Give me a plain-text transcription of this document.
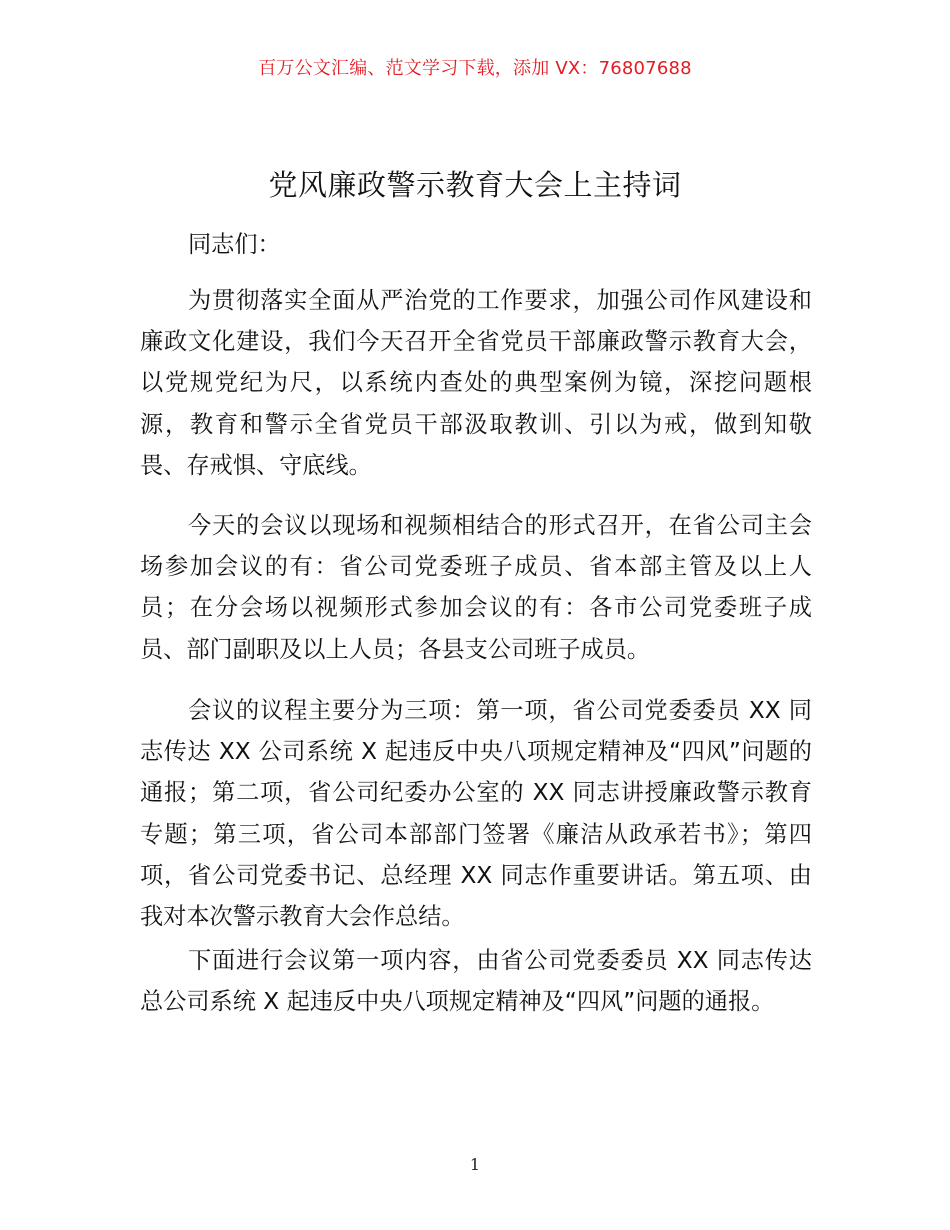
百万公文汇编、范文学习下载，添加 VX：76807688
党风廉政警示教育大会上主持词
同志们：
为贯彻落实全面从严治党的工作要求，加强公司作风建设和廉政文化建设，我们今天召开全省党员干部廉政警示教育大会，以党规党纪为尺，以系统内查处的典型案例为镜，深挖问题根源，教育和警示全省党员干部汲取教训、引以为戒，做到知敬畏、存戒惧、守底线。
今天的会议以现场和视频相结合的形式召开，在省公司主会场参加会议的有：省公司党委班子成员、省本部主管及以上人员；在分会场以视频形式参加会议的有：各市公司党委班子成员、部门副职及以上人员；各县支公司班子成员。
会议的议程主要分为三项：第一项，省公司党委委员 XX 同志传达 XX 公司系统 X 起违反中央八项规定精神及“四风”问题的通报；第二项，省公司纪委办公室的 XX 同志讲授廉政警示教育专题；第三项，省公司本部部门签署《廉洁从政承若书》；第四项，省公司党委书记、总经理 XX 同志作重要讲话。第五项、由我对本次警示教育大会作总结。
下面进行会议第一项内容，由省公司党委委员 XX 同志传达总公司系统 X 起违反中央八项规定精神及“四风”问题的通报。
1
